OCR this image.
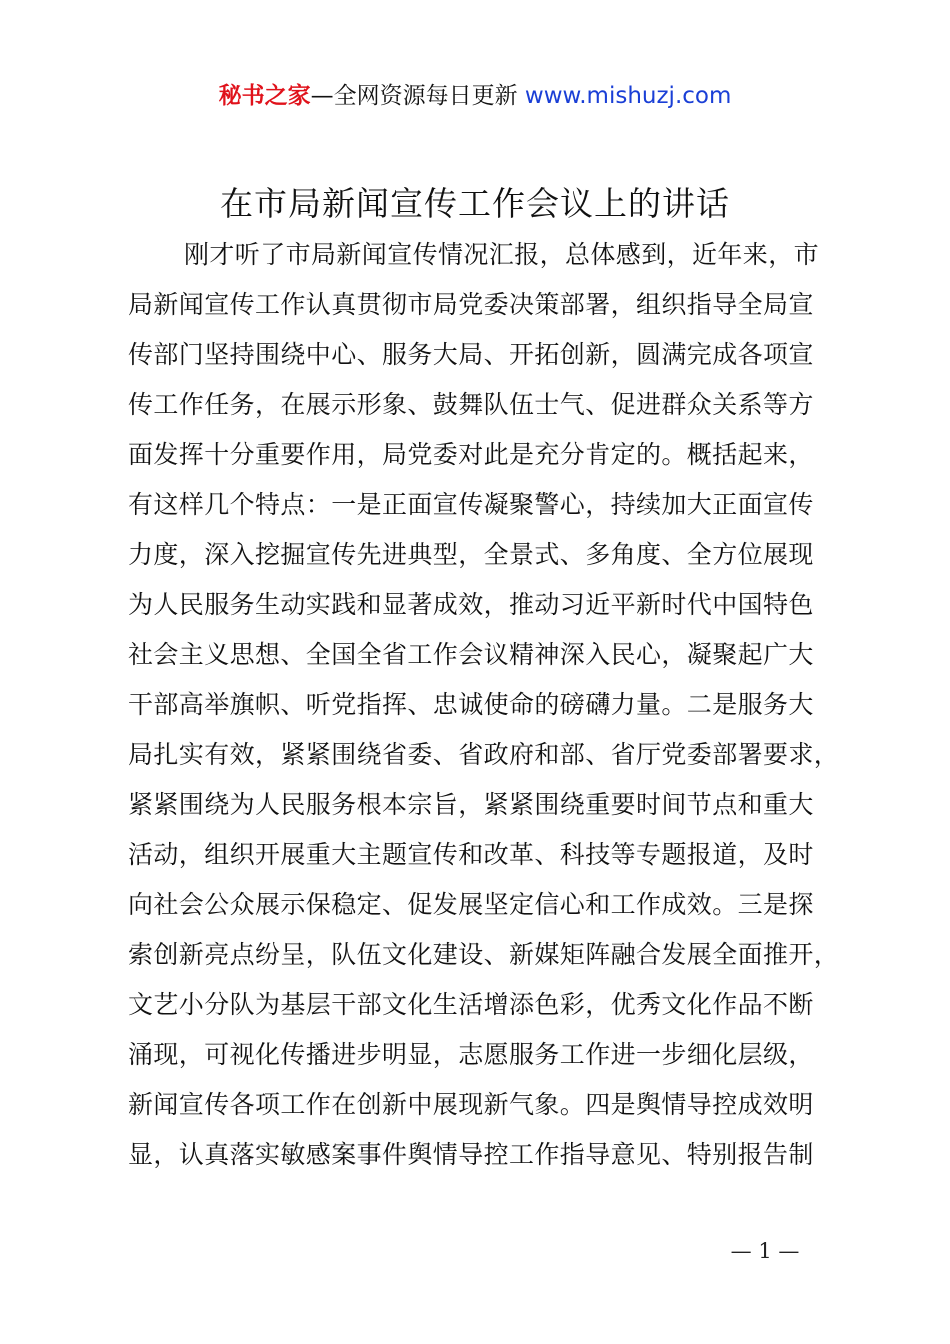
秘书之家—全网资源每日更新 www.mishuzj.com
在市局新闻宣传工作会议上的讲话
刚才听了市局新闻宣传情况汇报，总体感到，近年来，市
局新闻宣传工作认真贯彻市局党委决策部署，组织指导全局宣
传部门坚持围绕中心、服务大局、开拓创新，圆满完成各项宣
传工作任务，在展示形象、鼓舞队伍士气、促进群众关系等方
面发挥十分重要作用，局党委对此是充分肯定的。概括起来，
有这样几个特点：一是正面宣传凝聚警心，持续加大正面宣传
力度，深入挖掘宣传先进典型，全景式、多角度、全方位展现
为人民服务生动实践和显著成效，推动习近平新时代中国特色
社会主义思想、全国全省工作会议精神深入民心，凝聚起广大
干部高举旗帜、听党指挥、忠诚使命的磅礴力量。二是服务大
局扎实有效，紧紧围绕省委、省政府和部、省厅党委部署要求，
紧紧围绕为人民服务根本宗旨，紧紧围绕重要时间节点和重大
活动，组织开展重大主题宣传和改革、科技等专题报道，及时
向社会公众展示保稳定、促发展坚定信心和工作成效。三是探
索创新亮点纷呈，队伍文化建设、新媒矩阵融合发展全面推开，
文艺小分队为基层干部文化生活增添色彩，优秀文化作品不断
涌现，可视化传播进步明显，志愿服务工作进一步细化层级，
新闻宣传各项工作在创新中展现新气象。四是舆情导控成效明
显，认真落实敏感案事件舆情导控工作指导意见、特别报告制
— 1 —
